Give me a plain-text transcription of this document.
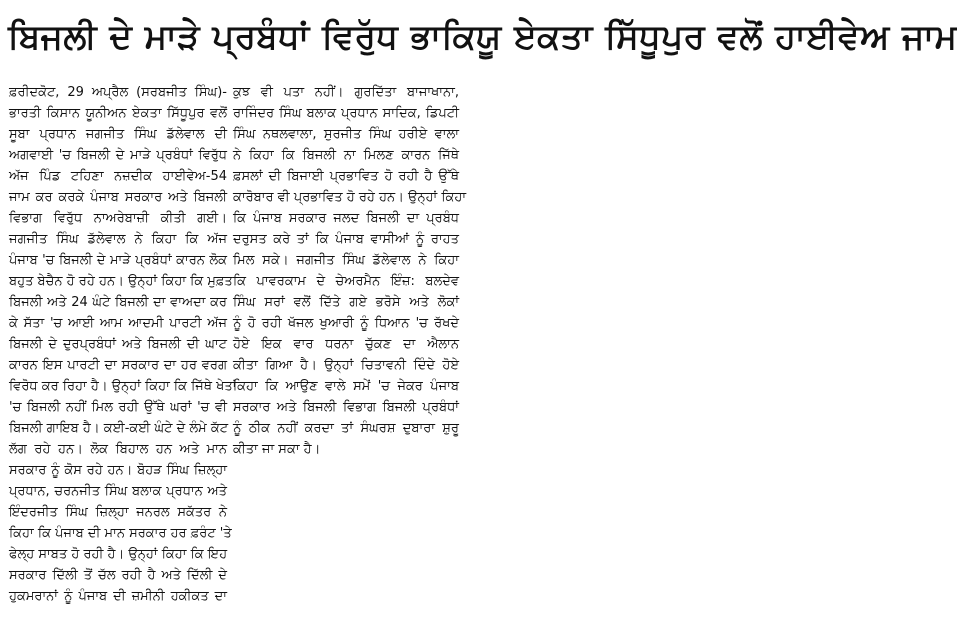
ਬਿਜਲੀ ਦੇ ਮਾੜੇ ਪ੍ਰਬੰਧਾਂ ਵਿਰੁੱਧ ਭਾਕਿਯੂ ਏਕਤਾ ਸਿੱਧੂਪੁਰ ਵਲੋਂ ਹਾਈਵੇਅ ਜਾਮ

ਫ਼ਰੀਦਕੋਟ, 29 ਅਪ੍ਰੈਲ (ਸਰਬਜੀਤ ਸਿੰਘ)-

ਭਾਰਤੀ ਕਿਸਾਨ ਯੂਨੀਅਨ ਏਕਤਾ ਸਿੱਧੂਪੁਰ ਵਲੋਂ

ਸੂਬਾ ਪ੍ਰਧਾਨ ਜਗਜੀਤ ਸਿੰਘ ਡੱਲੇਵਾਲ ਦੀ

ਅਗਵਾਈ 'ਚ ਬਿਜਲੀ ਦੇ ਮਾੜੇ ਪ੍ਰਬੰਧਾਂ ਵਿਰੁੱਧ

ਅੱਜ ਪਿੰਡ ਟਹਿਣਾ ਨਜ਼ਦੀਕ ਹਾਈਵੇਅ-54

ਜਾਮ ਕਰ ਕਰਕੇ ਪੰਜਾਬ ਸਰਕਾਰ ਅਤੇ ਬਿਜਲੀ

ਵਿਭਾਗ ਵਿਰੁੱਧ ਨਾਅਰੇਬਾਜ਼ੀ ਕੀਤੀ ਗਈ।

ਜਗਜੀਤ ਸਿੰਘ ਡੱਲੇਵਾਲ ਨੇ ਕਿਹਾ ਕਿ ਅੱਜ

ਪੰਜਾਬ 'ਚ ਬਿਜਲੀ ਦੇ ਮਾੜੇ ਪ੍ਰਬੰਧਾਂ ਕਾਰਨ ਲੋਕ

ਬਹੁਤ ਬੇਚੈਨ ਹੋ ਰਹੇ ਹਨ। ਉਨ੍ਹਾਂ ਕਿਹਾ ਕਿ ਮੁਫ਼ਤ

ਬਿਜਲੀ ਅਤੇ 24 ਘੰਟੇ ਬਿਜਲੀ ਦਾ ਵਾਅਦਾ ਕਰ

ਕੇ ਸੱਤਾ 'ਚ ਆਈ ਆਮ ਆਦਮੀ ਪਾਰਟੀ ਅੱਜ

ਬਿਜਲੀ ਦੇ ਦੁਰਪ੍ਰਬੰਧਾਂ ਅਤੇ ਬਿਜਲੀ ਦੀ ਘਾਟ

ਕਾਰਨ ਇਸ ਪਾਰਟੀ ਦਾ ਸਰਕਾਰ ਦਾ ਹਰ ਵਰਗ

ਵਿਰੋਧ ਕਰ ਰਿਹਾ ਹੈ। ਉਨ੍ਹਾਂ ਕਿਹਾ ਕਿ ਜਿੱਥੇ ਖੇਤਾਂ

'ਚ ਬਿਜਲੀ ਨਹੀਂ ਮਿਲ ਰਹੀ ਉੱਥੇ ਘਰਾਂ 'ਚ ਵੀ

ਬਿਜਲੀ ਗਾਇਬ ਹੈ। ਕਈ-ਕਈ ਘੰਟੇ ਦੇ ਲੰਮੇ ਕੱਟ

ਲੱਗ ਰਹੇ ਹਨ। ਲੋਕ ਬਿਹਾਲ ਹਨ ਅਤੇ ਮਾਨ

ਸਰਕਾਰ ਨੂੰ ਕੋਸ ਰਹੇ ਹਨ। ਬੋਹੜ ਸਿੰਘ ਜ਼ਿਲ੍ਹਾ

ਪ੍ਰਧਾਨ, ਚਰਨਜੀਤ ਸਿੰਘ ਬਲਾਕ ਪ੍ਰਧਾਨ ਅਤੇ

ਇੰਦਰਜੀਤ ਸਿੰਘ ਜ਼ਿਲ੍ਹਾ ਜਨਰਲ ਸਕੱਤਰ ਨੇ

ਕਿਹਾ ਕਿ ਪੰਜਾਬ ਦੀ ਮਾਨ ਸਰਕਾਰ ਹਰ ਫ਼ਰੰਟ 'ਤੇ

ਫੇਲ੍ਹ ਸਾਬਤ ਹੋ ਰਹੀ ਹੈ। ਉਨ੍ਹਾਂ ਕਿਹਾ ਕਿ ਇਹ

ਸਰਕਾਰ ਦਿੱਲੀ ਤੋਂ ਚੱਲ ਰਹੀ ਹੈ ਅਤੇ ਦਿੱਲੀ ਦੇ

ਹੁਕਮਰਾਨਾਂ ਨੂੰ ਪੰਜਾਬ ਦੀ ਜ਼ਮੀਨੀ ਹਕੀਕਤ ਦਾ

ਕੁਝ ਵੀ ਪਤਾ ਨਹੀਂ। ਗੁਰਦਿੱਤਾ ਬਾਜਾਖਾਨਾ,

ਰਾਜਿੰਦਰ ਸਿੰਘ ਬਲਾਕ ਪ੍ਰਧਾਨ ਸਾਦਿਕ, ਡਿਪਟੀ

ਸਿੰਘ ਨਥਲਵਾਲਾ, ਸੁਰਜੀਤ ਸਿੰਘ ਹਰੀਏ ਵਾਲਾ

ਨੇ ਕਿਹਾ ਕਿ ਬਿਜਲੀ ਨਾ ਮਿਲਣ ਕਾਰਨ ਜਿੱਥੇ

ਫ਼ਸਲਾਂ ਦੀ ਬਿਜਾਈ ਪ੍ਰਭਾਵਿਤ ਹੋ ਰਹੀ ਹੈ ਉੱਥੇ

ਕਾਰੋਬਾਰ ਵੀ ਪ੍ਰਭਾਵਿਤ ਹੋ ਰਹੇ ਹਨ। ਉਨ੍ਹਾਂ ਕਿਹਾ

ਕਿ ਪੰਜਾਬ ਸਰਕਾਰ ਜਲਦ ਬਿਜਲੀ ਦਾ ਪ੍ਰਬੰਧ

ਦਰੁਸਤ ਕਰੇ ਤਾਂ ਕਿ ਪੰਜਾਬ ਵਾਸੀਆਂ ਨੂੰ ਰਾਹਤ

ਮਿਲ ਸਕੇ। ਜਗਜੀਤ ਸਿੰਘ ਡੱਲੇਵਾਲ ਨੇ ਕਿਹਾ

ਕਿ ਪਾਵਰਕਾਮ ਦੇ ਚੇਅਰਮੈਨ ਇੰਜ਼: ਬਲਦੇਵ

ਸਿੰਘ ਸਰਾਂ ਵਲੋਂ ਦਿੱਤੇ ਗਏ ਭਰੋਸੇ ਅਤੇ ਲੋਕਾਂ

ਨੂੰ ਹੋ ਰਹੀ ਖੱਜਲ ਖੁਆਰੀ ਨੂੰ ਧਿਆਨ 'ਚ ਰੱਖਦੇ

ਹੋਏ ਇਕ ਵਾਰ ਧਰਨਾ ਚੁੱਕਣ ਦਾ ਐਲਾਨ

ਕੀਤਾ ਗਿਆ ਹੈ। ਉਨ੍ਹਾਂ ਚਿਤਾਵਨੀ ਦਿੰਦੇ ਹੋਏ

ਕਿਹਾ ਕਿ ਆਉਣ ਵਾਲੇ ਸਮੇਂ 'ਚ ਜੇਕਰ ਪੰਜਾਬ

ਸਰਕਾਰ ਅਤੇ ਬਿਜਲੀ ਵਿਭਾਗ ਬਿਜਲੀ ਪ੍ਰਬੰਧਾਂ

ਨੂੰ ਠੀਕ ਨਹੀਂ ਕਰਦਾ ਤਾਂ ਸੰਘਰਸ਼ ਦੁਬਾਰਾ ਸ਼ੁਰੂ

ਕੀਤਾ ਜਾ ਸਕਾ ਹੈ।
